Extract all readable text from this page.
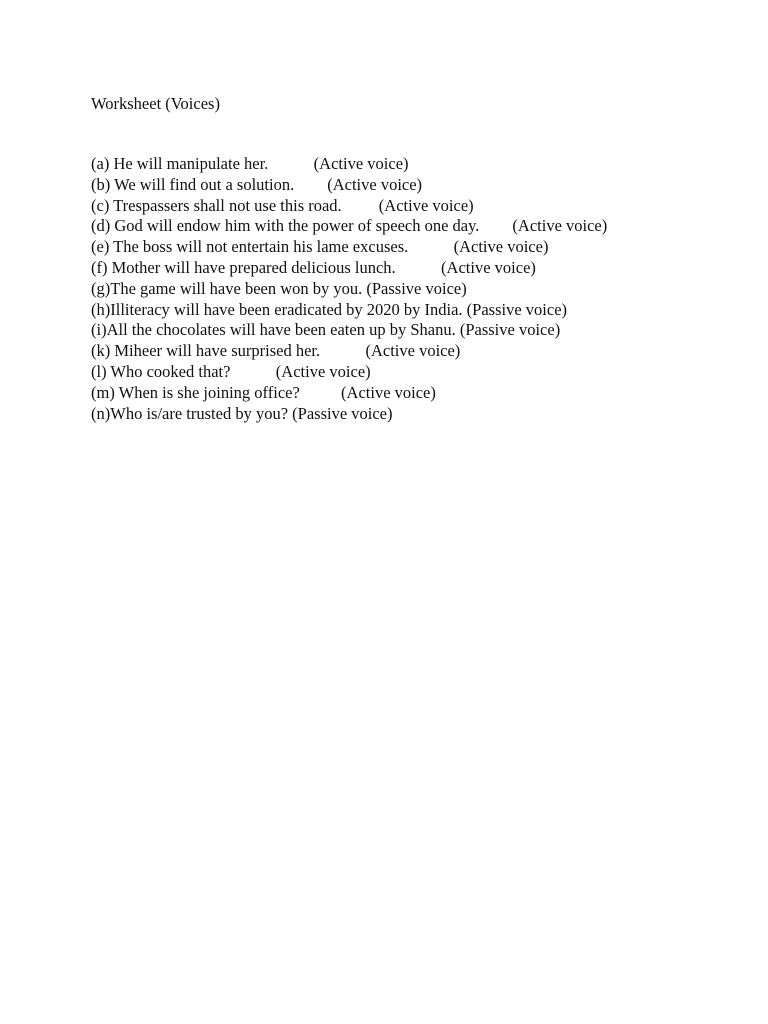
Worksheet (Voices)
(a) He will manipulate her.           (Active voice)
(b) We will find out a solution.        (Active voice)
(c) Trespassers shall not use this road.         (Active voice)
(d) God will endow him with the power of speech one day.        (Active voice)
(e) The boss will not entertain his lame excuses.           (Active voice)
(f) Mother will have prepared delicious lunch.           (Active voice)
(g)The game will have been won by you. (Passive voice)
(h)Illiteracy will have been eradicated by 2020 by India. (Passive voice)
(i)All the chocolates will have been eaten up by Shanu. (Passive voice)
(k) Miheer will have surprised her.           (Active voice)
(l) Who cooked that?           (Active voice)
(m) When is she joining office?          (Active voice)
(n)Who is/are trusted by you? (Passive voice)
